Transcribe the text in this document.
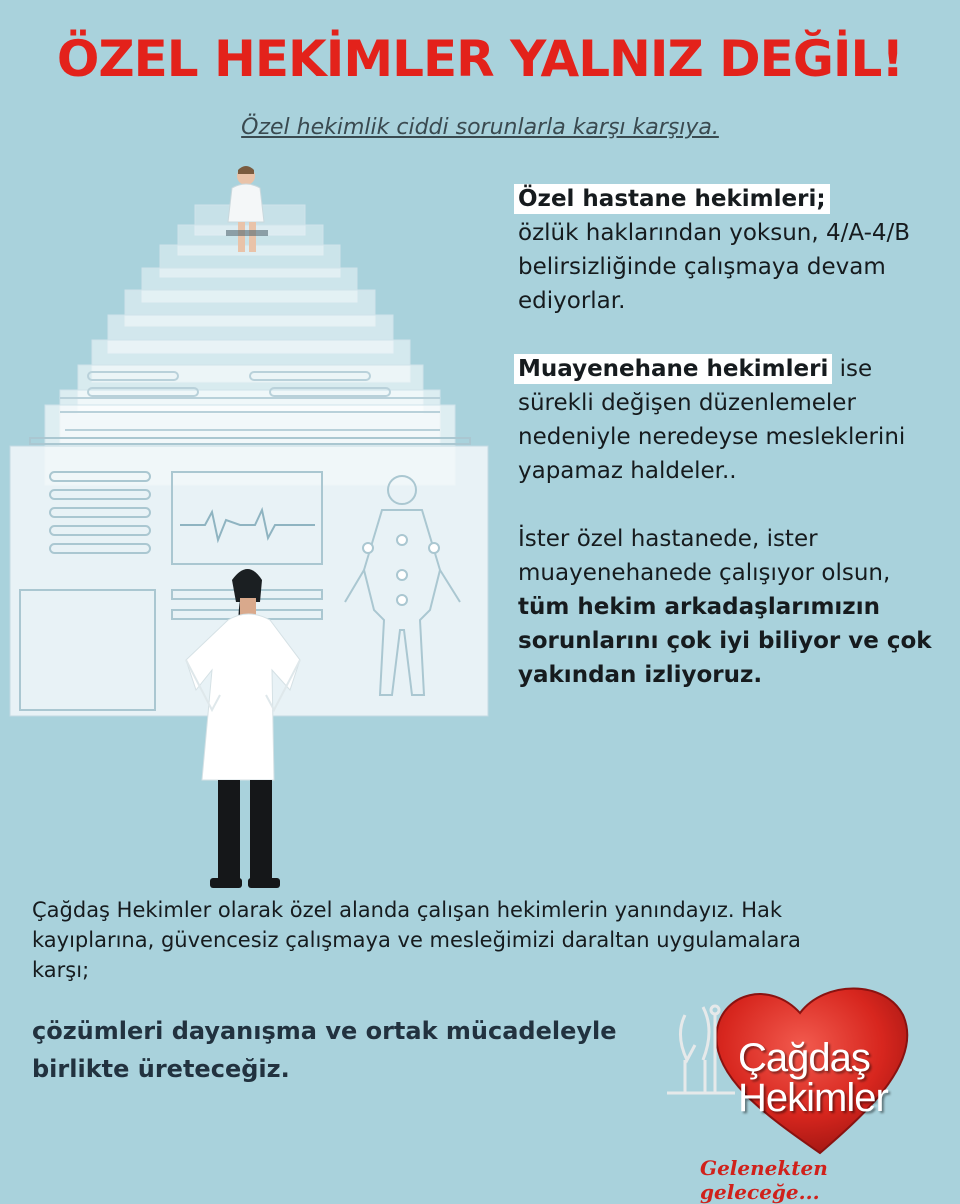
ÖZEL HEKİMLER YALNIZ DEĞİL!
Özel hekimlik ciddi sorunlarla karşı karşıya.

Özel hastane hekimleri;
özlük haklarından yoksun, 4/A-4/B belirsizliğinde çalışmaya devam ediyorlar.

Muayenehane hekimleri ise sürekli değişen düzenlemeler nedeniyle neredeyse mesleklerini yapamaz haldeler..

İster özel hastanede, ister muayenehanede çalışıyor olsun, tüm hekim arkadaşlarımızın sorunlarını çok iyi biliyor ve çok yakından izliyoruz.

Çağdaş Hekimler olarak özel alanda çalışan hekimlerin yanındayız. Hak kayıplarına, güvencesiz çalışmaya ve mesleğimizi daraltan uygulamalara karşı;
çözümleri dayanışma ve ortak mücadeleyle birlikte üreteceğiz.	Çağdaş
Hekimler
Gelenekten geleceğe...
